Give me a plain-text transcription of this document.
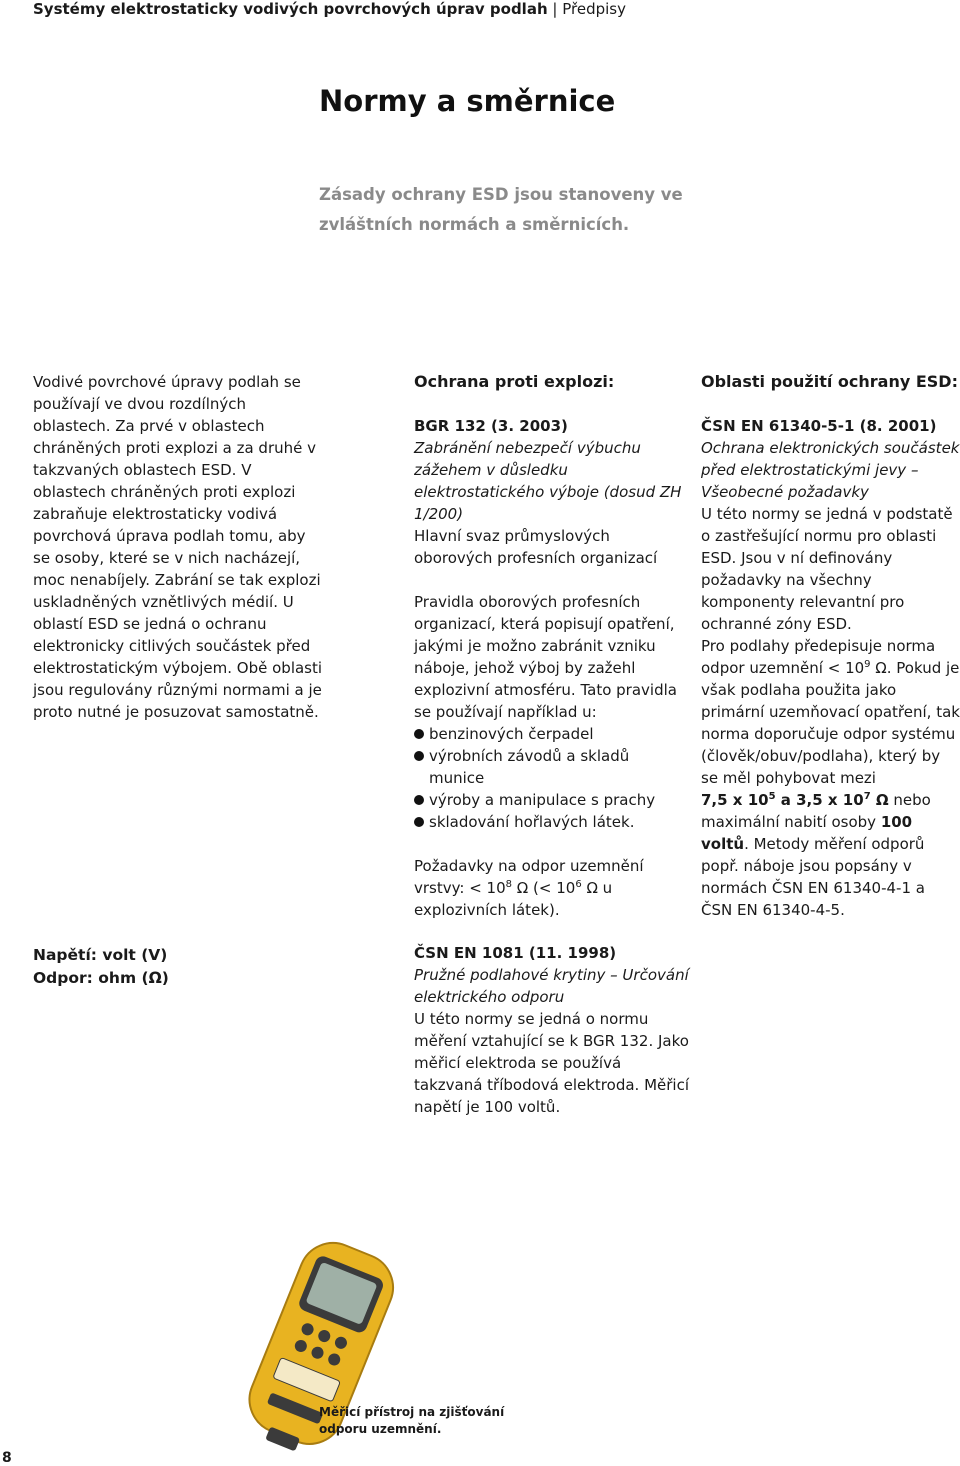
Systémy elektrostaticky vodivých povrchových úprav podlah | Předpisy
Normy a směrnice
Zásady ochrany ESD jsou stanoveny ve zvláštních normách a směrnicích.

Vodivé povrchové úpravy podlah se používají ve dvou rozdílných oblastech. Za prvé v oblastech chráněných proti explozi a za druhé v takzvaných oblastech ESD. V oblastech chráněných proti explozi zabraňuje elektrostaticky vodivá povrchová úprava podlah tomu, aby se osoby, které se v nich nacházejí, moc nenabíjely. Zabrání se tak explozi uskladněných vznětlivých médií. U oblastí ESD se jedná o ochranu elektronicky citlivých součástek před elektrostatickým výbojem. Obě oblasti jsou regulovány různými normami a je proto nutné je posuzovat samostatně.

Ochrana proti explozi:

BGR 132 (3. 2003)

Zabránění nebezpečí výbuchu zážehem v důsledku elektrostatického výboje (dosud ZH 1/200)

Hlavní svaz průmyslových oborových profesních organizací

Pravidla oborových profesních organizací, která popisují opatření, jakými je možno zabránit vzniku náboje, jehož výboj by zažehl explozivní atmosféru. Tato pravidla se používají například u:

benzinových čerpadel
výrobních závodů a skladů munice
výroby a manipulace s prachy
skladování hořlavých látek.

Požadavky na odpor uzemnění vrstvy: < $10^8$ Ω (< $10^6$ Ω u explozivních látek).

Napětí: volt (V)
Odpor: ohm (Ω)

ČSN EN 1081 (11. 1998)

Pružné podlahové krytiny – Určování elektrického odporu

U této normy se jedná o normu měření vztahující se k BGR 132. Jako měřicí elektroda se používá takzvaná tříbodová elektroda. Měřicí napětí je 100 voltů.

Oblasti použití ochrany ESD:

ČSN EN 61340-5-1 (8. 2001)

Ochrana elektronických součástek před elektrostatickými jevy – Všeobecné požadavky

U této normy se jedná v podstatě o zastřešující normu pro oblasti ESD. Jsou v ní definovány požadavky na všechny komponenty relevantní pro ochranné zóny ESD.

Pro podlahy předepisuje norma odpor uzemnění < $10^9$ Ω. Pokud je však podlaha použita jako primární uzemňovací opatření, tak norma doporučuje odpor systému (člověk/obuv/podlaha), který by se měl pohybovat mezi

7,5 x $10^5$ a 3,5 x $10^7$ Ω nebo maximální nabití osoby 100 voltů. Metody měření odporů popř. náboje jsou popsány v normách ČSN EN 61340-4-1 a ČSN EN 61340-4-5.

Měřicí přístroj na zjišťování
odporu uzemnění.
8
